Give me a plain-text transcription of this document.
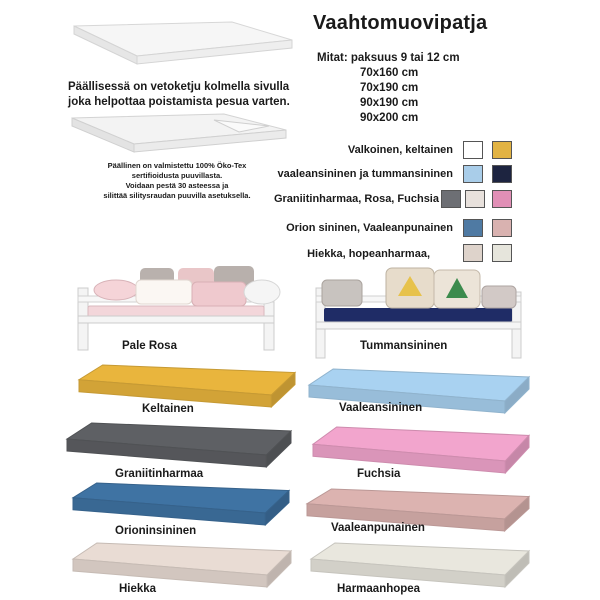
Vaahtomuovipatja
Mitat: paksuus 9 tai 12 cm
70x160 cm
70x190 cm
90x190 cm
90x200 cm
Päällisessä on vetoketju kolmella sivulla
joka helpottaa poistamista pesua varten.
Päällinen on valmistettu 100% Öko-Tex
sertifioidusta puuvillasta.
Voidaan pestä 30 asteessa ja
silittää silitysraudan puuvilla asetuksella.
Valkoinen, keltainen
vaaleansininen ja tummansininen
Graniitinharmaa, Rosa, Fuchsia
Orion sininen, Vaaleanpunainen
Hiekka, hopeanharmaa,
Pale Rosa	Tummansininen
Keltainen	Vaaleansininen
Graniitinharmaa	Fuchsia
Orioninsininen	Vaaleanpunainen
Hiekka	Harmaanhopea
